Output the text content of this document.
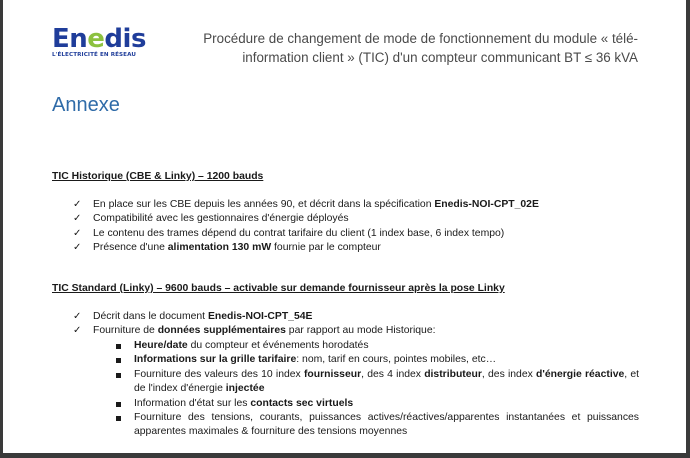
Enedis
L'ÉLECTRICITÉ EN RÉSEAU
Procédure de changement de mode de fonctionnement du module « télé-information client » (TIC) d'un compteur communicant BT ≤ 36 kVA
Annexe
TIC Historique (CBE & Linky) – 1200 bauds
✓ En place sur les CBE depuis les années 90, et décrit dans la spécification Enedis-NOI-CPT_02E
✓ Compatibilité avec les gestionnaires d'énergie déployés
✓ Le contenu des trames dépend du contrat tarifaire du client (1 index base, 6 index tempo)
✓ Présence d'une alimentation 130 mW fournie par le compteur
TIC Standard (Linky) – 9600 bauds – activable sur demande fournisseur après la pose Linky
✓ Décrit dans le document Enedis-NOI-CPT_54E
✓ Fourniture de données supplémentaires par rapport au mode Historique:
Heure/date du compteur et événements horodatés
Informations sur la grille tarifaire: nom, tarif en cours, pointes mobiles, etc…
Fourniture des valeurs des 10 index fournisseur, des 4 index distributeur, des index d'énergie réactive, et de l'index d'énergie injectée
Information d'état sur les contacts sec virtuels
Fourniture des tensions, courants, puissances actives/réactives/apparentes instantanées et puissances apparentes maximales & fourniture des tensions moyennes
